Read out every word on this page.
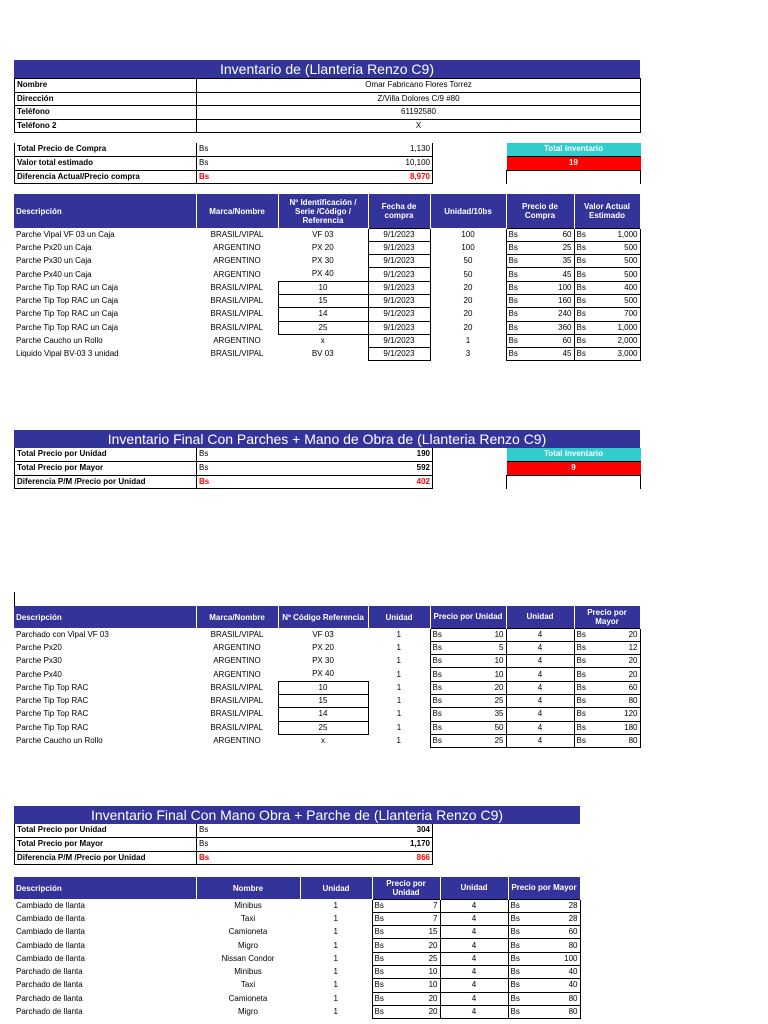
Inventario de (Llanteria Renzo C9)
Nombre	Omar Fabricano Flores Torrez
Dirección	Z/Villa Dolores C/9 #80
Teléfono	61192580
Teléfono 2	X
Total Precio de Compra	Bs 1,130		Total inventario
Valor total estimado	Bs 10,100		19
Diferencia Actual/Precio compra	Bs 8,970		

Descripción	Marca/Nombre	Nº Identificación / Serie /Código / Referencia	Fecha de compra	Unidad/10bs	Precio de Compra	Valor Actual Estimado
Parche Vipal VF 03 un Caja	BRASIL/VIPAL	VF 03	9/1/2023	100	Bs 60	Bs 1,000

Parche Px20 un Caja	ARGENTINO	PX 20	9/1/2023	100	Bs 25	Bs 500

Parche Px30 un Caja	ARGENTINO	PX 30	9/1/2023	50	Bs 35	Bs 500

Parche Px40 un Caja	ARGENTINO	PX 40	9/1/2023	50	Bs 45	Bs 500

Parche Tip Top RAC un Caja	BRASIL/VIPAL	10	9/1/2023	20	Bs 100	Bs 400

Parche Tip Top RAC un Caja	BRASIL/VIPAL	15	9/1/2023	20	Bs 160	Bs 500

Parche Tip Top RAC un Caja	BRASIL/VIPAL	14	9/1/2023	20	Bs 240	Bs 700

Parche Tip Top RAC un Caja	BRASIL/VIPAL	25	9/1/2023	20	Bs 360	Bs 1,000

Parche Caucho un Rollo	ARGENTINO	x	9/1/2023	1	Bs 60	Bs 2,000

Liquido Vipal BV-03 3 unidad	BRASIL/VIPAL	BV 03	9/1/2023	3	Bs 45	Bs 3,000
Inventario Final Con Parches + Mano de Obra de (Llanteria Renzo C9)
Total Precio por Unidad	Bs 190		Total inventario
Total Precio por Mayor	Bs 592		9
Diferencia P/M /Precio por Unidad	Bs 402		

Descripción	Marca/Nombre	Nº Código Referencia	Unidad	Precio por Unidad	Unidad	Precio por Mayor
Parchado con Vipal VF 03	BRASIL/VIPAL	VF 03	1	Bs 10	4	Bs 20

Parche Px20	ARGENTINO	PX 20	1	Bs 5	4	Bs 12

Parche Px30	ARGENTINO	PX 30	1	Bs 10	4	Bs 20

Parche Px40	ARGENTINO	PX 40	1	Bs 10	4	Bs 20

Parche Tip Top RAC	BRASIL/VIPAL	10	1	Bs 20	4	Bs 60

Parche Tip Top RAC	BRASIL/VIPAL	15	1	Bs 25	4	Bs 80

Parche Tip Top RAC	BRASIL/VIPAL	14	1	Bs 35	4	Bs 120

Parche Tip Top RAC	BRASIL/VIPAL	25	1	Bs 50	4	Bs 180

Parche Caucho un Rollo	ARGENTINO	x	1	Bs 25	4	Bs 80
Inventario Final Con Mano Obra + Parche de (Llanteria Renzo C9)
Total Precio por Unidad	Bs 304

Total Precio por Mayor	Bs 1,170

Diferencia P/M /Precio por Unidad	Bs 866
Descripción	Nombre	Unidad	Precio por Unidad	Unidad	Precio por Mayor
Cambiado de llanta	Minibus	1	Bs 7	4	Bs 28

Cambiado de llanta	Taxi	1	Bs 7	4	Bs 28

Cambiado de llanta	Camioneta	1	Bs 15	4	Bs 60

Cambiado de llanta	Migro	1	Bs 20	4	Bs 80

Cambiado de llanta	Nissan Condor	1	Bs 25	4	Bs 100

Parchado de llanta	Minibus	1	Bs 10	4	Bs 40

Parchado de llanta	Taxi	1	Bs 10	4	Bs 40

Parchado de llanta	Camioneta	1	Bs 20	4	Bs 80

Parchado de llanta	Migro	1	Bs 20	4	Bs 80
